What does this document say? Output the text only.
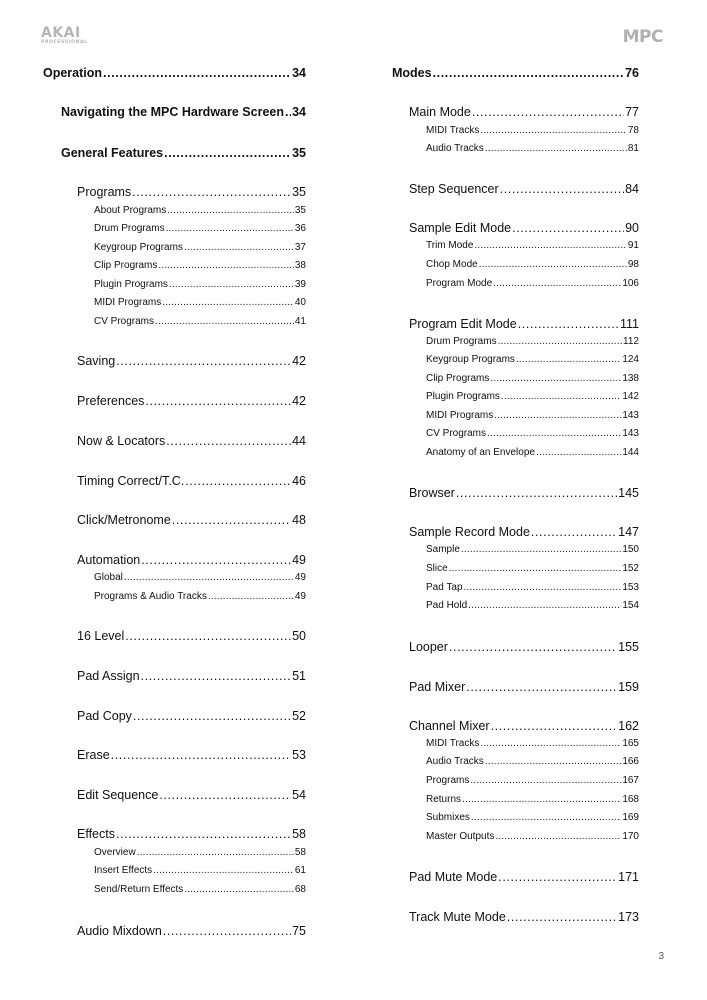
AKAI
PROFESSIONAL	MPC
Operation .....	34
Navigating the MPC Hardware Screen ..... 34
General Features .....	35
Programs .....	35
About Programs .....	35
Drum Programs .....	36
Keygroup Programs .....	37
Clip Programs .....	38
Plugin Programs .....	39
MIDI Programs .....	40
CV Programs .....	41
Saving .....	42
Preferences .....	42
Now & Locators .....	44
Timing Correct/T.C. .....	46
Click/Metronome .....	48
Automation .....	49
Global .....	49
Programs & Audio Tracks .....	49
16 Level .....	50
Pad Assign .....	51
Pad Copy .....	52
Erase .....	53
Edit Sequence .....	54
Effects .....	58
Overview .....	58
Insert Effects .....	61
Send/Return Effects .....	68
Audio Mixdown .....	75
Modes .....	76
Main Mode .....	77
MIDI Tracks .....	78
Audio Tracks .....	81
Step Sequencer .....	84
Sample Edit Mode .....	90
Trim Mode .....	91
Chop Mode .....	98
Program Mode .....	106
Program Edit Mode .....	111
Drum Programs .....	112
Keygroup Programs .....	124
Clip Programs .....	138
Plugin Programs .....	142
MIDI Programs .....	143
CV Programs .....	143
Anatomy of an Envelope .....	144
Browser .....	145
Sample Record Mode .....	147
Sample .....	150
Slice .....	152
Pad Tap .....	153
Pad Hold .....	154
Looper .....	155
Pad Mixer .....	159
Channel Mixer .....	162
MIDI Tracks .....	165
Audio Tracks .....	166
Programs .....	167
Returns .....	168
Submixes .....	169
Master Outputs .....	170
Pad Mute Mode .....	171
Track Mute Mode .....	173
3
